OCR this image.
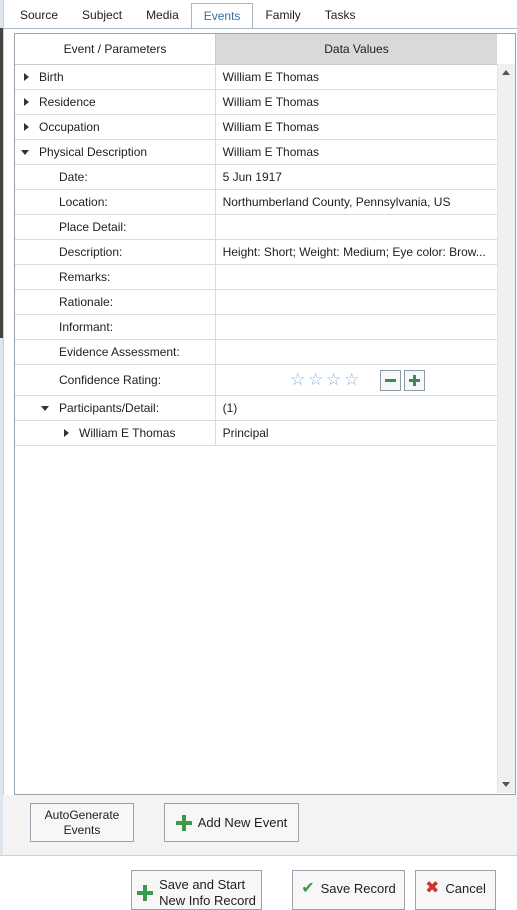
Source	Subject	Media	Events	Family	Tasks
Event / Parameters	Data Values
Birth	William E Thomas
Residence	William E Thomas
Occupation	William E Thomas
Physical Description	William E Thomas
Date:	5 Jun 1917
Location:	Northumberland County, Pennsylvania, US
Place Detail:
Description:	Height: Short; Weight: Medium; Eye color: Brow...
Remarks:
Rationale:
Informant:
Evidence Assessment:
Confidence Rating:	☆ ☆ ☆ ☆
Participants/Detail:	(1)
William E Thomas	Principal
AutoGenerate
Events	Add New Event
Save and Start
New Info Record
✔ Save Record ✖ Cancel
